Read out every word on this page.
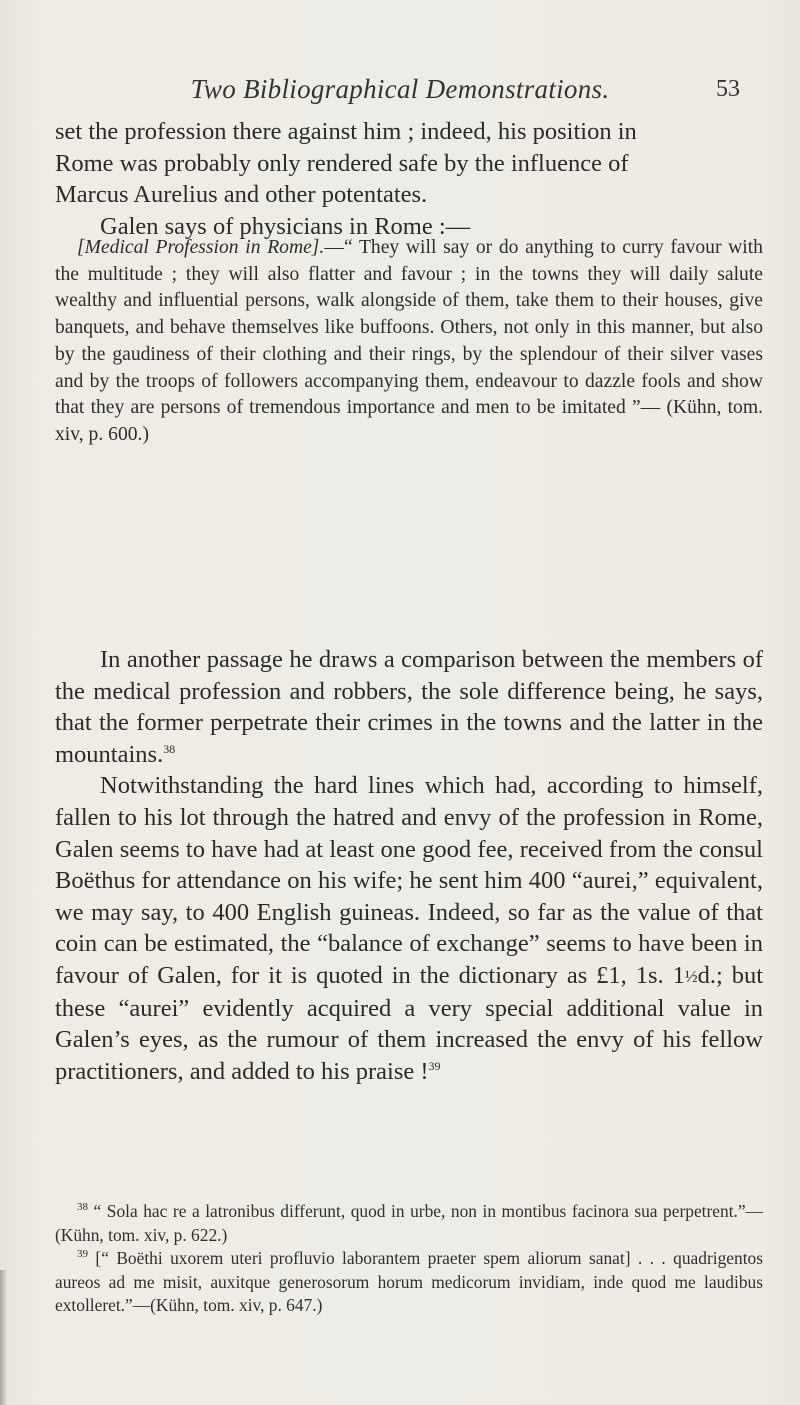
Two Bibliographical Demonstrations.	53

set the profession there against him ; indeed, his position in

Rome was probably only rendered safe by the influence of

Marcus Aurelius and other potentates.

Galen says of physicians in Rome :—

[Medical Profession in Rome].—“ They will say or do anything to curry favour with the multitude ; they will also flatter and favour ; in the towns they will daily salute wealthy and influential persons, walk alongside of them, take them to their houses, give banquets, and behave themselves like buffoons. Others, not only in this manner, but also by the gaudiness of their clothing and their rings, by the splendour of their silver vases and by the troops of followers accompanying them, endeavour to dazzle fools and show that they are persons of tremendous importance and men to be imitated ”— (Kühn, tom. xiv, p. 600.)

In another passage he draws a comparison between the members of the medical profession and robbers, the sole difference being, he says, that the former perpetrate their crimes in the towns and the latter in the mountains.$^{38}$

Notwithstanding the hard lines which had, according to himself, fallen to his lot through the hatred and envy of the profession in Rome, Galen seems to have had at least one good fee, received from the consul Boëthus for attendance on his wife; he sent him 400 “aurei,” equivalent, we may say, to 400 English guineas. Indeed, so far as the value of that coin can be estimated, the “balance of exchange” seems to have been in favour of Galen, for it is quoted in the dictionary as £1, 1s. 1½d.; but these “aurei” evidently acquired a very special additional value in Galen’s eyes, as the rumour of them increased the envy of his fellow practitioners, and added to his praise !$^{39}$

$^{38}$ “ Sola hac re a latronibus differunt, quod in urbe, non in montibus facinora sua perpetrent.”—(Kühn, tom. xiv, p. 622.)

$^{39}$ [“ Boëthi uxorem uteri profluvio laborantem praeter spem aliorum sanat] . . . quadrigentos aureos ad me misit, auxitque generosorum horum medicorum invidiam, inde quod me laudibus extolleret.”—(Kühn, tom. xiv, p. 647.)
